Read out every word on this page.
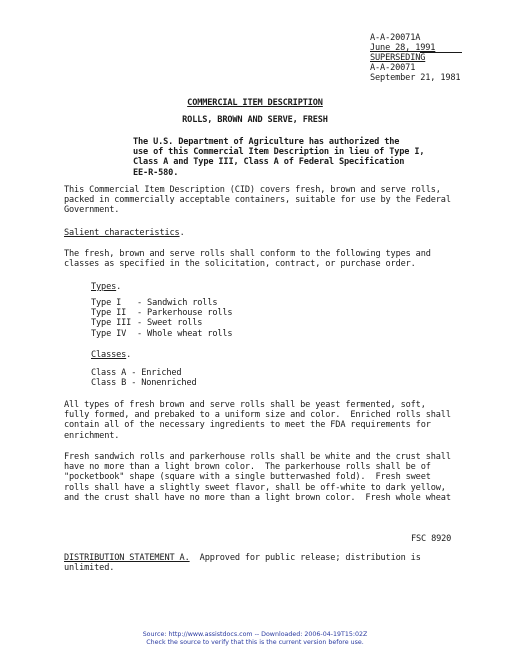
A-A-20071A
June 28, 1991
SUPERSEDING
A-A-20071
September 21, 1981
COMMERCIAL ITEM DESCRIPTION
ROLLS, BROWN AND SERVE, FRESH
The U.S. Department of Agriculture has authorized the
use of this Commercial Item Description in lieu of Type I,
Class A and Type III, Class A of Federal Specification
EE-R-580.
This Commercial Item Description (CID) covers fresh, brown and serve rolls,
packed in commercially acceptable containers, suitable for use by the Federal
Government.
Salient characteristics.
The fresh, brown and serve rolls shall conform to the following types and
classes as specified in the solicitation, contract, or purchase order.
Types.
Type I - Sandwich rolls
Type II - Parkerhouse rolls
Type III - Sweet rolls
Type IV - Whole wheat rolls
Classes.
Class A - Enriched
Class B - Nonenriched
All types of fresh brown and serve rolls shall be yeast fermented, soft,
fully formed, and prebaked to a uniform size and color.  Enriched rolls shall
contain all of the necessary ingredients to meet the FDA requirements for
enrichment.
Fresh sandwich rolls and parkerhouse rolls shall be white and the crust shall
have no more than a light brown color.  The parkerhouse rolls shall be of
"pocketbook" shape (square with a single butterwashed fold).  Fresh sweet
rolls shall have a slightly sweet flavor, shall be off-white to dark yellow,
and the crust shall have no more than a light brown color.  Fresh whole wheat
FSC 8920
DISTRIBUTION STATEMENT A. Approved for public release; distribution is
unlimited.
Source: http://www.assistdocs.com -- Downloaded: 2006-04-19T15:02Z
Check the source to verify that this is the current version before use.
